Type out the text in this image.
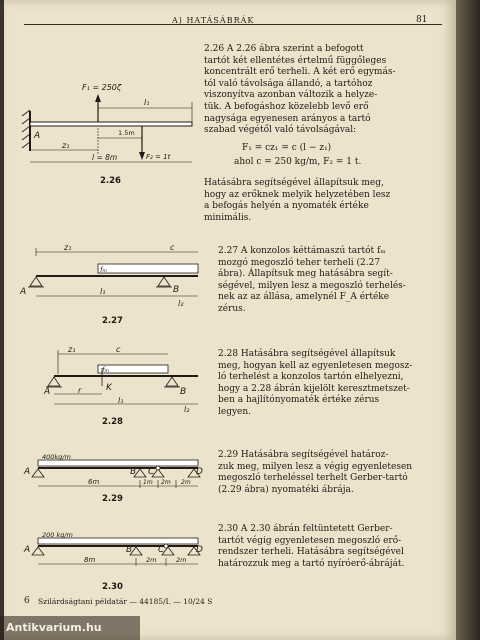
A) HATÁSÁBRÁK	81
2.26 A 2.26 ábra szerint a befogott
tartót két ellentétes értelmű függőleges
koncentrált erő terheli. A két erő egymás-
tól való távolsága állandó, a tartóhoz
viszonyítva azonban változik a helyze-
tük. A befogáshoz közelebb levő erő
nagysága egyenesen arányos a tartó
szabad végétől való távolságával:
F₁ = cz₁ = c (l − z₁)
ahol c = 250 kg/m, F₂ = 1 t.
Hatásábra segítségével állapítsuk meg,
hogy az erőknek melyik helyzetében lesz
a befogás helyén a nyomaték értéke
minimális.
F₁ = 250ζ
l₁
z₁
1.5m
F₂ = 1t
l = 8m
A
2.26
2.27 A konzolos kéttámaszú tartót fₘ
mozgó megoszló teher terheli (2.27
ábra). Állapítsuk meg hatásábra segít-
ségével, milyen lesz a megoszló terhelés-
nek az az állása, amelynél F_A értéke
zérus.
z₁	c
fₘ
A	B
l₁
l₂
2.27
2.28 Hatásábra segítségével állapítsuk
meg, hogyan kell az egyenletesen megosz-
ló terhelést a konzolos tartón elhelyezni,
hogy a 2.28 ábrán kijelölt keresztmetszet-
ben a hajlítónyomaték értéke zérus
legyen.
z₁	c
fₘ
A	K	B
r
l₁
l₂
2.28
2.29 Hatásábra segítségével határoz-
zuk meg, milyen lesz a végig egyenletesen
megoszló terheléssel terhelt Gerber-tartó
(2.29 ábra) nyomatéki ábrája.
400kg/m
A	B C	D
6m	1m 2m 2m
2.29
2.30 A 2.30 ábrán feltüntetett Gerber-
tartót végig egyenletesen megoszló erő-
rendszer terheli. Hatásábra segítségével
határozzuk meg a tartó nyíróerő-ábráját.
200 kg/m
A	B	C	D
8m	2m	2m
2.30
6 Szilárdságtani példatár — 44185/I. — 10/24 S
Antikvarium.hu
